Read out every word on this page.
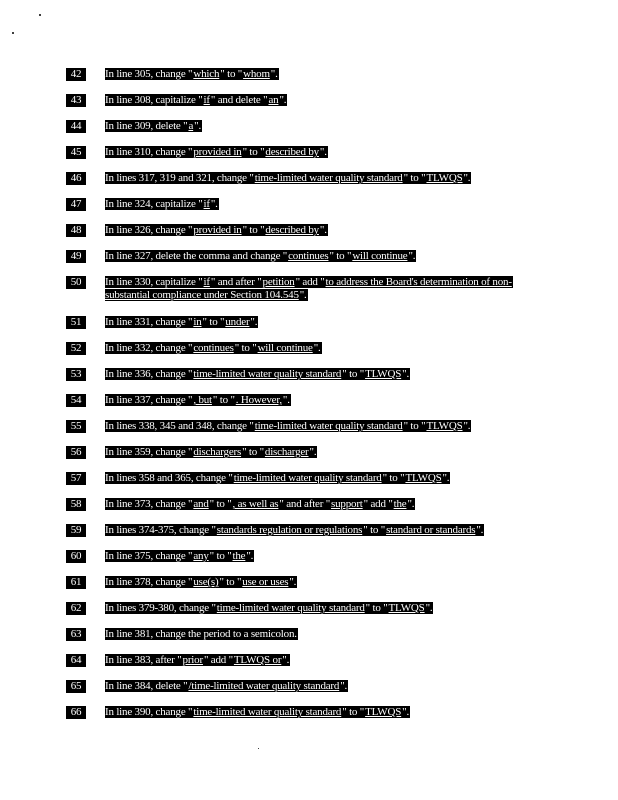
42	In line 305, change "which" to "whom".
43	In line 308, capitalize "if" and delete "an".
44	In line 309, delete "a".
45	In line 310, change "provided in" to "described by".
46	In lines 317, 319 and 321, change "time-limited water quality standard" to "TLWQS".
47	In line 324, capitalize "if".
48	In line 326, change "provided in" to "described by".
49	In line 327, delete the comma and change "continues" to "will continue".
50	In line 330, capitalize "if" and after "petition" add "to address the Board's determination of non-substantial compliance under Section 104.545".
51	In line 331, change "in" to "under".
52	In line 332, change "continues" to "will continue".
53	In line 336, change "time-limited water quality standard" to "TLWQS".
54	In line 337, change ", but" to ". However,".
55	In lines 338, 345 and 348, change "time-limited water quality standard" to "TLWQS".
56	In line 359, change "dischargers" to "discharger".
57	In lines 358 and 365, change "time-limited water quality standard" to "TLWQS".
58	In line 373, change "and" to ", as well as" and after "support" add "the".
59	In lines 374-375, change "standards regulation or regulations" to "standard or standards".
60	In line 375, change "any" to "the".
61	In line 378, change "use(s)" to "use or uses".
62	In lines 379-380, change "time-limited water quality standard" to "TLWQS".
63	In line 381, change the period to a semicolon.
64	In line 383, after "prior" add "TLWQS or".
65	In line 384, delete "/time-limited water quality standard".
66	In line 390, change "time-limited water quality standard" to "TLWQS".
